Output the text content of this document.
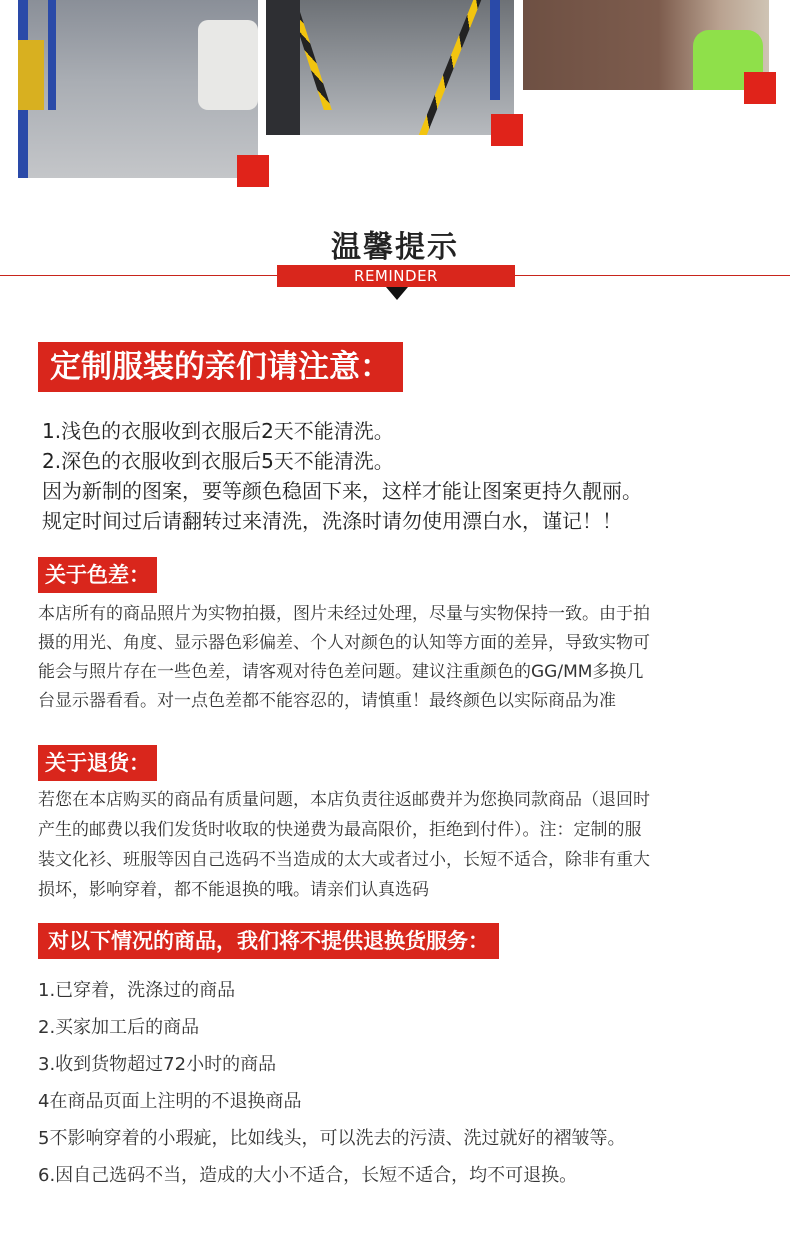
温馨提示
REMINDER
定制服装的亲们请注意：
1.浅色的衣服收到衣服后2天不能清洗。
2.深色的衣服收到衣服后5天不能清洗。
因为新制的图案，要等颜色稳固下来，这样才能让图案更持久靓丽。
规定时间过后请翻转过来清洗，洗涤时请勿使用漂白水，谨记！！
关于色差：
本店所有的商品照片为实物拍摄，图片未经过处理，尽量与实物保持一致。由于拍
摄的用光、角度、显示器色彩偏差、个人对颜色的认知等方面的差异，导致实物可
能会与照片存在一些色差，请客观对待色差问题。建议注重颜色的GG/MM多换几
台显示器看看。对一点色差都不能容忍的，请慎重！最终颜色以实际商品为准
关于退货：
若您在本店购买的商品有质量问题，本店负责往返邮费并为您换同款商品（退回时
产生的邮费以我们发货时收取的快递费为最高限价，拒绝到付件）。注：定制的服
装文化衫、班服等因自己选码不当造成的太大或者过小，长短不适合，除非有重大
损坏，影响穿着，都不能退换的哦。请亲们认真选码
对以下情况的商品，我们将不提供退换货服务：
1.已穿着，洗涤过的商品
2.买家加工后的商品
3.收到货物超过72小时的商品
4在商品页面上注明的不退换商品
5不影响穿着的小瑕疵，比如线头，可以洗去的污渍、洗过就好的褶皱等。
6.因自己选码不当，造成的大小不适合，长短不适合，均不可退换。
